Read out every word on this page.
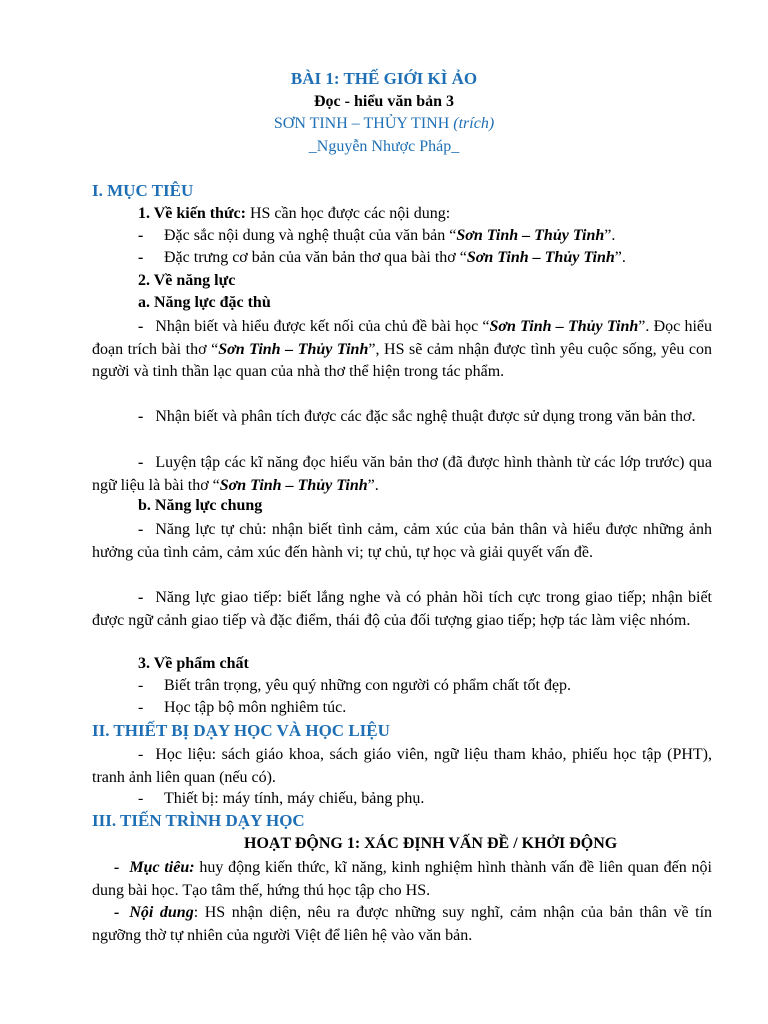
BÀI 1: THẾ GIỚI KÌ ẢO
Đọc - hiểu văn bản 3
SƠN TINH – THỦY TINH (trích)
_Nguyễn Nhược Pháp_
I. MỤC TIÊU
1. Về kiến thức: HS cần học được các nội dung:
- Đặc sắc nội dung và nghệ thuật của văn bản “Sơn Tinh – Thủy Tinh”.
- Đặc trưng cơ bản của văn bản thơ qua bài thơ “Sơn Tinh – Thủy Tinh”.
2. Về năng lực
a. Năng lực đặc thù
- Nhận biết và hiểu được kết nối của chủ đề bài học “Sơn Tinh – Thủy Tinh”. Đọc hiểu đoạn trích bài thơ “Sơn Tinh – Thủy Tinh”, HS sẽ cảm nhận được tình yêu cuộc sống, yêu con người và tinh thần lạc quan của nhà thơ thể hiện trong tác phẩm.
- Nhận biết và phân tích được các đặc sắc nghệ thuật được sử dụng trong văn bản thơ.
- Luyện tập các kĩ năng đọc hiểu văn bản thơ (đã được hình thành từ các lớp trước) qua ngữ liệu là bài thơ “Sơn Tinh – Thủy Tinh”.
b. Năng lực chung
- Năng lực tự chủ: nhận biết tình cảm, cảm xúc của bản thân và hiểu được những ảnh hưởng của tình cảm, cảm xúc đến hành vi; tự chủ, tự học và giải quyết vấn đề.
- Năng lực giao tiếp: biết lắng nghe và có phản hồi tích cực trong giao tiếp; nhận biết được ngữ cảnh giao tiếp và đặc điểm, thái độ của đối tượng giao tiếp; hợp tác làm việc nhóm.
3. Về phẩm chất
- Biết trân trọng, yêu quý những con người có phẩm chất tốt đẹp.
- Học tập bộ môn nghiêm túc.
II. THIẾT BỊ DẠY HỌC VÀ HỌC LIỆU
- Học liệu: sách giáo khoa, sách giáo viên, ngữ liệu tham khảo, phiếu học tập (PHT), tranh ảnh liên quan (nếu có).
- Thiết bị: máy tính, máy chiếu, bảng phụ.
III. TIẾN TRÌNH DẠY HỌC
HOẠT ĐỘNG 1: XÁC ĐỊNH VẤN ĐỀ / KHỞI ĐỘNG
- Mục tiêu: huy động kiến thức, kĩ năng, kinh nghiệm hình thành vấn đề liên quan đến nội dung bài học. Tạo tâm thế, hứng thú học tập cho HS.
- Nội dung: HS nhận diện, nêu ra được những suy nghĩ, cảm nhận của bản thân về tín ngưỡng thờ tự nhiên của người Việt để liên hệ vào văn bản.
